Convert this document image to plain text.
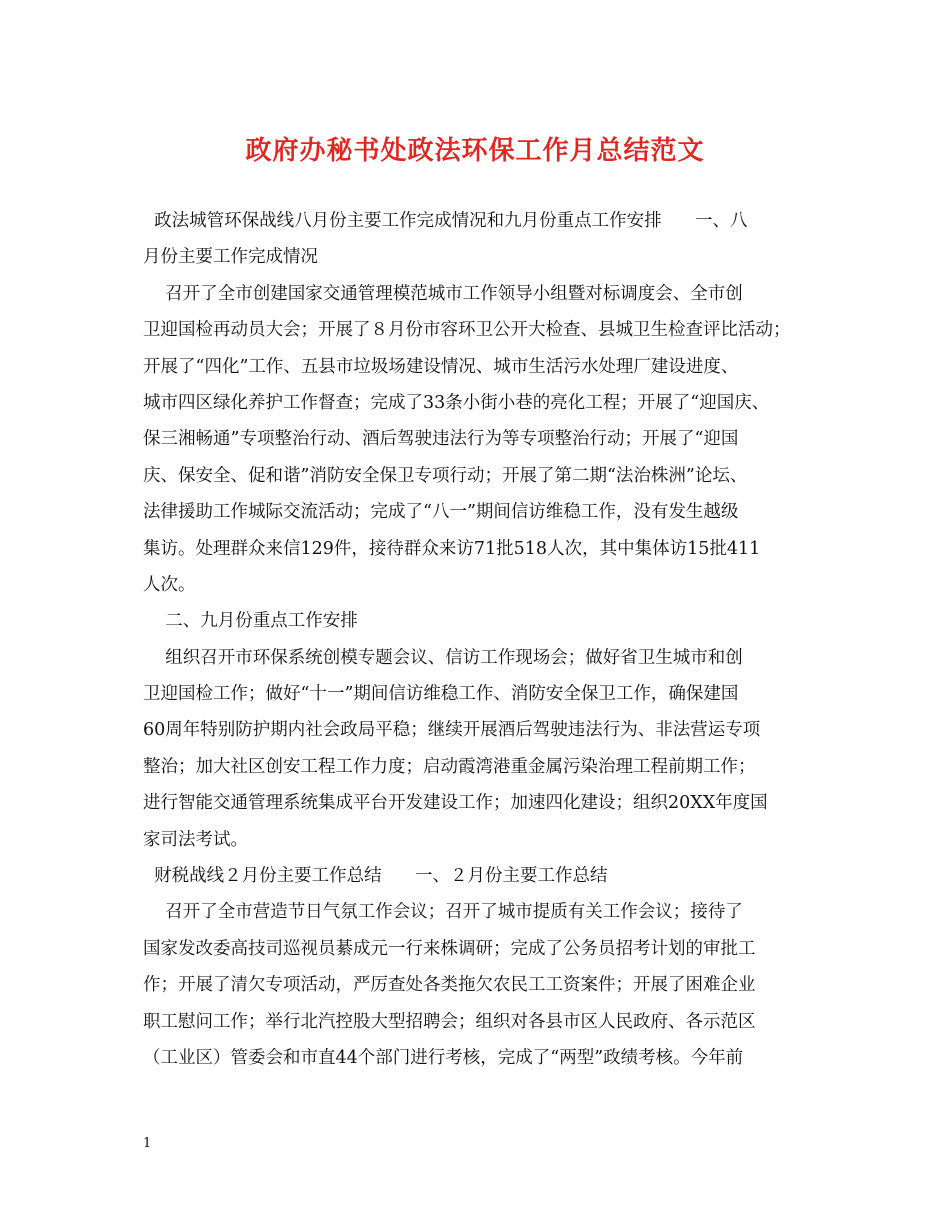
政府办秘书处政法环保工作月总结范文
政法城管环保战线八月份主要工作完成情况和九月份重点工作安排      一、八
月份主要工作完成情况
召开了全市创建国家交通管理模范城市工作领导小组暨对标调度会、全市创
卫迎国检再动员大会；开展了８月份市容环卫公开大检查、县城卫生检查评比活动；
开展了“四化”工作、五县市垃圾场建设情况、城市生活污水处理厂建设进度、
城市四区绿化养护工作督查；完成了33条小街小巷的亮化工程；开展了“迎国庆、
保三湘畅通”专项整治行动、酒后驾驶违法行为等专项整治行动；开展了“迎国
庆、保安全、促和谐”消防安全保卫专项行动；开展了第二期“法治株洲”论坛、
法律援助工作城际交流活动；完成了“八一”期间信访维稳工作，没有发生越级
集访。处理群众来信129件，接待群众来访71批518人次，其中集体访15批411
人次。
二、九月份重点工作安排
组织召开市环保系统创模专题会议、信访工作现场会；做好省卫生城市和创
卫迎国检工作；做好“十一”期间信访维稳工作、消防安全保卫工作，确保建国
60周年特别防护期内社会政局平稳；继续开展酒后驾驶违法行为、非法营运专项
整治；加大社区创安工程工作力度；启动霞湾港重金属污染治理工程前期工作；
进行智能交通管理系统集成平台开发建设工作；加速四化建设；组织20XX年度国
家司法考试。
财税战线２月份主要工作总结      一、２月份主要工作总结
召开了全市营造节日气氛工作会议；召开了城市提质有关工作会议；接待了
国家发改委高技司巡视员綦成元一行来株调研；完成了公务员招考计划的审批工
作；开展了清欠专项活动，严厉查处各类拖欠农民工工资案件；开展了困难企业
职工慰问工作；举行北汽控股大型招聘会；组织对各县市区人民政府、各示范区
（工业区）管委会和市直44个部门进行考核，完成了“两型”政绩考核。今年前
1
